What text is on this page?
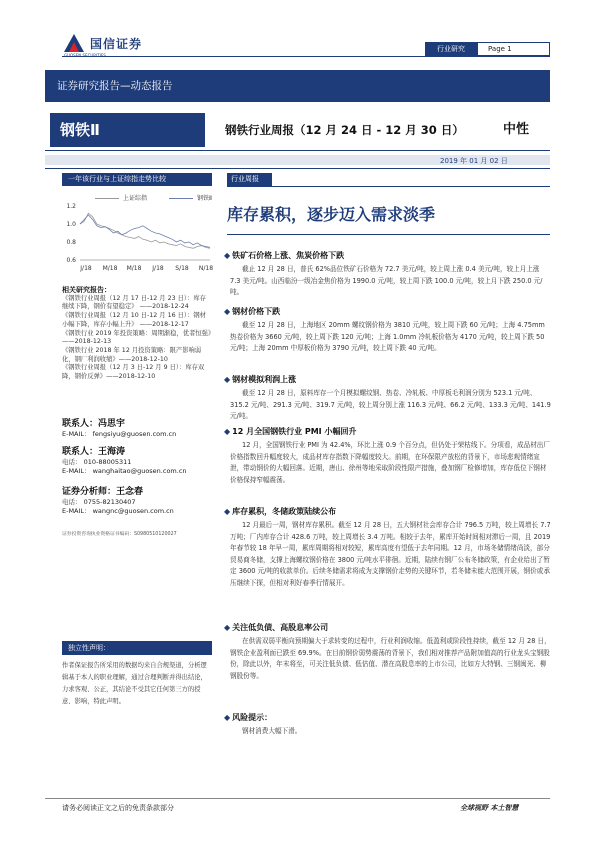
国信证券	行业研究	Page 1
证券研究报告—动态报告
钢铁Ⅱ	钢铁行业周报（12 月 24 日 - 12 月 30 日）	中性
2019 年 01 月 02 日
一年该行业与上证综指走势比较
上证综指	钢铁Ⅱ
1.2
1.0
0.8
0.6
J/18 M/18 M/18 J/18 S/18 N/18
相关研究报告：
《钢铁行业周报（12 月 17 日-12 月 23 日）：库存继续下降，钢价有望稳定》 ——2018-12-24
《钢铁行业周报（12 月 10 日-12 月 16 日）：钢材小幅下降，库存小幅上升》 ——2018-12-17
《钢铁行业 2019 年投资策略：周期渐稳，优者恒强》——2018-12-13
《钢铁行业 2018 年 12 月投资策略：限产影响弱化，钢厂利润收缩》——2018-12-10
《钢铁行业周报（12 月 3 日-12 月 9 日）：库存双降，钢价反弹》——2018-12-10
联系人：冯思宇
E-MAIL： fengsiyu@guosen.com.cn
联系人：王海涛
电话： 010-88005311
E-MAIL： wanghaitao@guosen.com.cn
证券分析师：王念春
电话： 0755-82130407
E-MAIL： wangnc@guosen.com.cn
证券投资咨询执业资格证书编码：S0980510120027
独立性声明：
作者保证报告所采用的数据均来自合规渠道，分析逻辑基于本人的职业理解，通过合理判断并得出结论，力求客观、公正，其结论不受其它任何第三方的授意、影响，特此声明。
行业周报
库存累积，逐步迈入需求淡季
◆ 铁矿石价格上涨、焦炭价格下跌
截止 12 月 28 日，普氏 62%品位铁矿石价格为 72.7 美元/吨，较上周上涨 0.4 美元/吨，较上月上涨 7.3 美元/吨。山西临汾一级冶金焦价格为 1990.0 元/吨，较上周下跌 100.0 元/吨，较上月下跌 250.0 元/吨。
◆ 钢材价格下跌
截至 12 月 28 日，上海地区 20mm 螺纹钢价格为 3810 元/吨，较上周下跌 60 元/吨；上海 4.75mm 热卷价格为 3660 元/吨，较上周下跌 120 元/吨；上海 1.0mm 冷轧板价格为 4170 元/吨，较上周下跌 50 元/吨；上海 20mm 中厚板价格为 3790 元/吨，较上周下跌 40 元/吨。
◆ 钢材模拟利润上涨
截至 12 月 28 日，原料库存一个月模拟螺纹钢、热卷、冷轧板、中厚板毛利润分别为 523.1 元/吨、315.2 元/吨、291.3 元/吨、319.7 元/吨，较上周分别上涨 116.3 元/吨、66.2 元/吨、133.3 元/吨、141.9 元/吨。
◆ 12 月全国钢铁行业 PMI 小幅回升
12 月，全国钢铁行业 PMI 为 42.4%，环比上涨 0.9 个百分点，但仍处于荣枯线下。分项看，成品材出厂价格指数回升幅度较大，成品材库存指数下降幅度较大。前期，在环保限产放松的背景下，市场悲观情绪宣泄，带动钢价的大幅回落。近期，唐山、徐州等地采取阶段性限产措施，叠加钢厂检修增加，库存低位下钢材价格保持窄幅震荡。
◆ 库存累积，冬储政策陆续公布
12 月最后一周，钢材库存累积。截至 12 月 28 日，五大钢材社会库存合计 796.5 万吨，较上周增长 7.7 万吨；厂内库存合计 428.6 万吨，较上周增长 3.4 万吨。相较于去年，累库开始时间相对滞后一周，且 2019 年春节较 18 年早一周，累库周期将相对较短，累库高度有望低于去年同期。12 月，市场冬储情绪尚淡，部分贸易商冬储，支撑上海螺纹钢价格在 3800 元/吨水平徘徊。近期，陆续有钢厂公布冬储政策，有企业给出了暂定 3600 元/吨的收款单价。后续冬储需求将成为支撑钢价走势的关键环节，若冬储未能大范围开展，钢价或承压继续下探，但相对利好春季行情展开。
◆ 关注低负债、高股息率公司
在供需双弱平衡向预期偏大于求转变的过程中，行业利润收缩。低盈利或阶段性持续，截至 12 月 28 日，钢铁企业盈利面已跌至 69.9%。在目前钢价弱势震荡的背景下，我们相对推荐产品附加值高的行业龙头宝钢股份，除此以外，年末将至，可关注低负债、低估值、潜在高股息率的上市公司，比如方大特钢、三钢闽光、柳钢股份等。
◆ 风险提示：
钢材消费大幅下滑。
请务必阅读正文之后的免责条款部分	全球视野 本土智慧
